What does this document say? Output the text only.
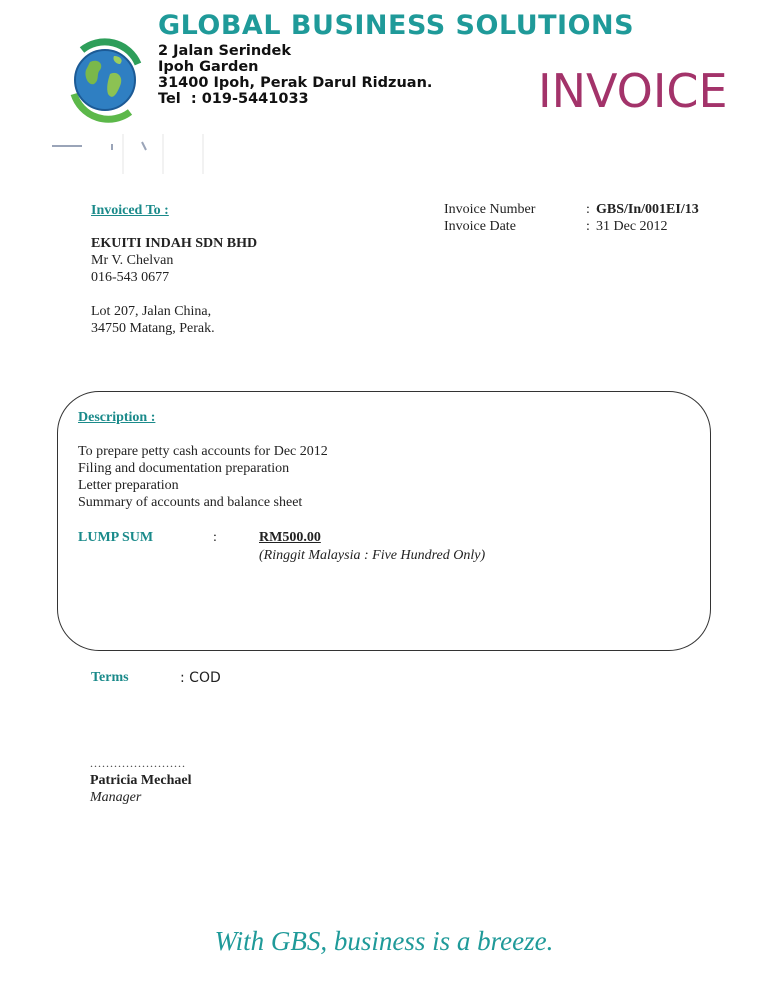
GLOBAL BUSINESS SOLUTIONS
2 Jalan Serindek
Ipoh Garden
31400 Ipoh, Perak Darul Ridzuan.
Tel  : 019-5441033	INVOICE
Invoiced To :
EKUITI INDAH SDN BHD
Mr V. Chelvan
016-543 0677
Lot 207, Jalan China,
34750 Matang, Perak.
Invoice Number	: GBS/In/001EI/13
Invoice Date	: 31 Dec 2012
Description :
To prepare petty cash accounts for Dec 2012
Filing and documentation preparation
Letter preparation
Summary of accounts and balance sheet
LUMP SUM	:	RM500.00
(Ringgit Malaysia : Five Hundred Only)
Terms	: COD
........................
Patricia Mechael
Manager
With GBS, business is a breeze.
